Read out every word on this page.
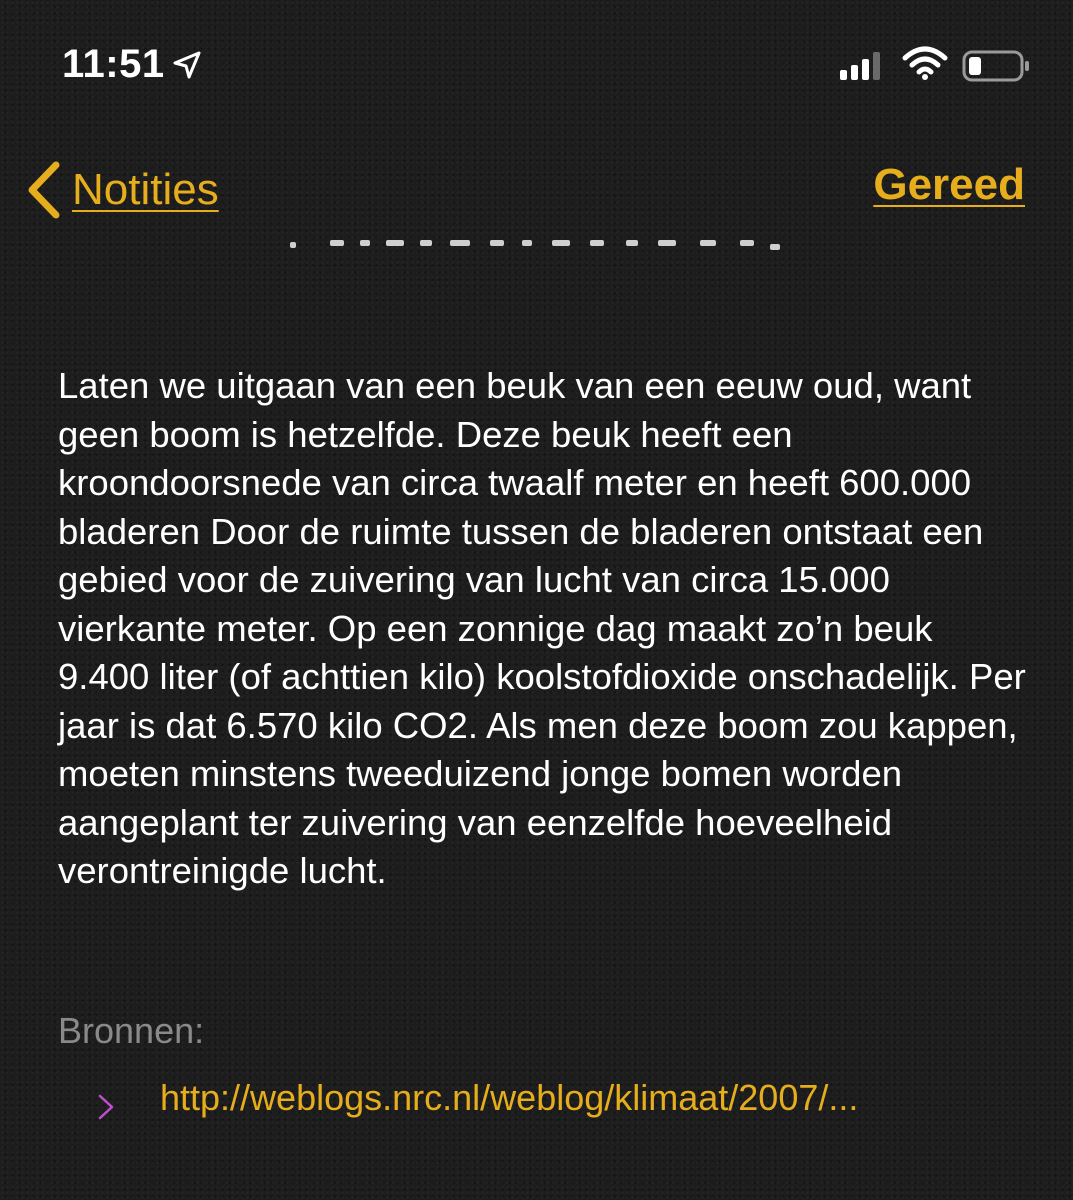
11:51
Notities	Gereed
Laten we uitgaan van een beuk van een eeuw oud, want geen boom is hetzelfde. Deze beuk heeft een kroondoorsnede van circa twaalf meter en heeft 600.000 bladeren Door de ruimte tussen de bladeren ontstaat een gebied voor de zuivering van lucht van circa 15.000 vierkante meter. Op een zonnige dag maakt zo’n beuk 9.400 liter (of achttien kilo) koolstofdioxide onschadelijk. Per jaar is dat 6.570 kilo CO2. Als men deze boom zou kappen, moeten minstens tweeduizend jonge bomen worden aangeplant ter zuivering van eenzelfde hoeveelheid verontreinigde lucht.
Bronnen:
http://weblogs.nrc.nl/weblog/klimaat/2007/...
